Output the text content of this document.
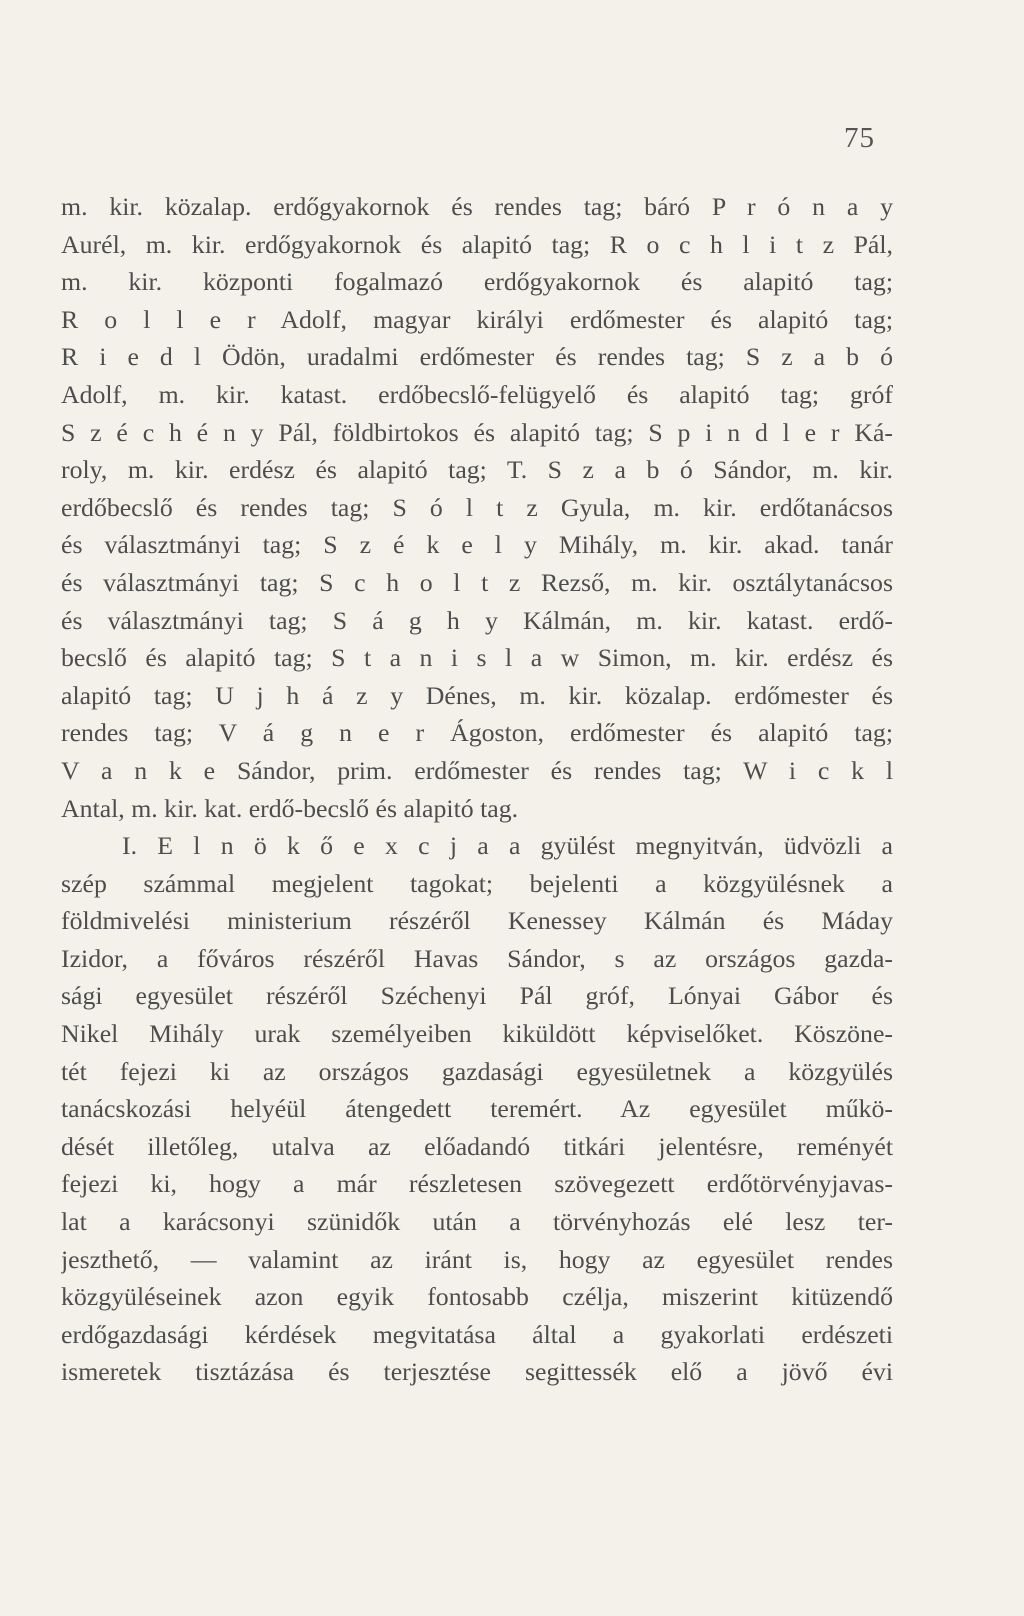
75
m. kir. közalap. erdőgyakornok és rendes tag; báró P r ó n a y
Aurél, m. kir. erdőgyakornok és alapitó tag; R o c h l i t z Pál,
m. kir. központi fogalmazó erdőgyakornok és alapitó tag;
R o l l e r Adolf, magyar királyi erdőmester és alapitó tag;
R i e d l Ödön, uradalmi erdőmester és rendes tag; S z a b ó
Adolf, m. kir. katast. erdőbecslő-felügyelő és alapitó tag; gróf
S z é c h é n y Pál, földbirtokos és alapitó tag; S p i n d l e r Ká-
roly, m. kir. erdész és alapitó tag; T. S z a b ó Sándor, m. kir.
erdőbecslő és rendes tag; S ó l t z Gyula, m. kir. erdőtanácsos
és választmányi tag; S z é k e l y Mihály, m. kir. akad. tanár
és választmányi tag; S c h o l t z Rezső, m. kir. osztálytanácsos
és választmányi tag; S á g h y Kálmán, m. kir. katast. erdő-
becslő és alapitó tag; S t a n i s l a w Simon, m. kir. erdész és
alapitó tag; U j h á z y Dénes, m. kir. közalap. erdőmester és
rendes tag; V á g n e r Ágoston, erdőmester és alapitó tag;
V a n k e Sándor, prim. erdőmester és rendes tag; W i c k l
Antal, m. kir. kat. erdő-becslő és alapitó tag.
I. E l n ö k ő e x c j a a gyülést megnyitván, üdvözli a
szép számmal megjelent tagokat; bejelenti a közgyülésnek a
földmivelési ministerium részéről Kenessey Kálmán és Máday
Izidor, a főváros részéről Havas Sándor, s az országos gazda-
sági egyesület részéről Széchenyi Pál gróf, Lónyai Gábor és
Nikel Mihály urak személyeiben kiküldött képviselőket. Köszöne-
tét fejezi ki az országos gazdasági egyesületnek a közgyülés
tanácskozási helyéül átengedett teremért. Az egyesület műkö-
dését illetőleg, utalva az előadandó titkári jelentésre, reményét
fejezi ki, hogy a már részletesen szövegezett erdőtörvényjavas-
lat a karácsonyi szünidők után a törvényhozás elé lesz ter-
jeszthető, — valamint az iránt is, hogy az egyesület rendes
közgyüléseinek azon egyik fontosabb czélja, miszerint kitüzendő
erdőgazdasági kérdések megvitatása által a gyakorlati erdészeti
ismeretek tisztázása és terjesztése segittessék elő a jövő évi
